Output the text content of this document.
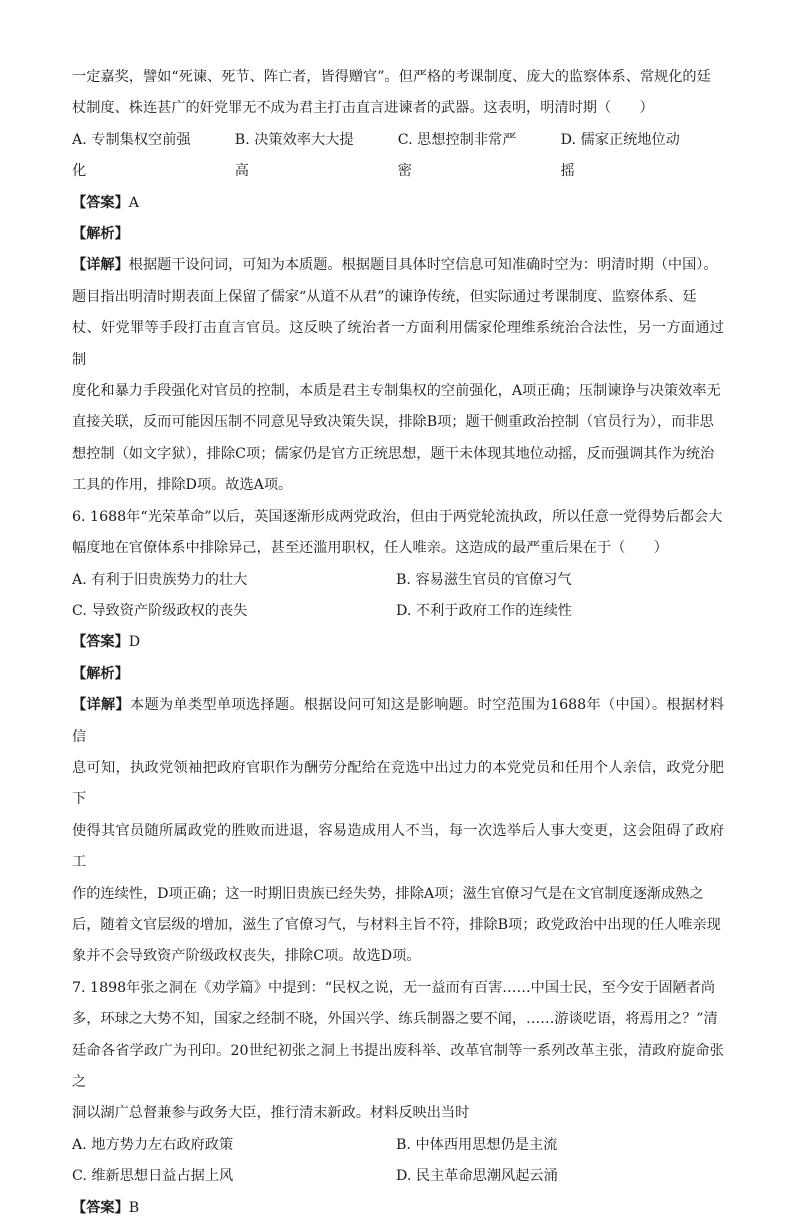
一定嘉奖，譬如“死谏、死节、阵亡者，皆得赠官”。但严格的考课制度、庞大的监察体系、常规化的廷

杖制度、株连甚广的奸党罪无不成为君主打击直言进谏者的武器。这表明，明清时期（　　）

A. 专制集权空前强化
B. 决策效率大大提高
C. 思想控制非常严密
D. 儒家正统地位动摇

【答案】A

【解析】

【详解】根据题干设问词，可知为本质题。根据题目具体时空信息可知准确时空为：明清时期（中国）。

题目指出明清时期表面上保留了儒家“从道不从君”的谏诤传统，但实际通过考课制度、监察体系、廷

杖、奸党罪等手段打击直言官员。这反映了统治者一方面利用儒家伦理维系统治合法性，另一方面通过制

度化和暴力手段强化对官员的控制，本质是君主专制集权的空前强化，A项正确；压制谏诤与决策效率无

直接关联，反而可能因压制不同意见导致决策失误，排除B项；题干侧重政治控制（官员行为），而非思

想控制（如文字狱），排除C项；儒家仍是官方正统思想，题干未体现其地位动摇，反而强调其作为统治

工具的作用，排除D项。故选A项。

6. 1688年“光荣革命”以后，英国逐渐形成两党政治，但由于两党轮流执政，所以任意一党得势后都会大

幅度地在官僚体系中排除异己，甚至还滥用职权，任人唯亲。这造成的最严重后果在于（　　）

A. 有利于旧贵族势力的壮大	B. 容易滋生官员的官僚习气
C. 导致资产阶级政权的丧失	D. 不利于政府工作的连续性

【答案】D

【解析】

【详解】本题为单类型单项选择题。根据设问可知这是影响题。时空范围为1688年（中国）。根据材料信

息可知，执政党领袖把政府官职作为酬劳分配给在竞选中出过力的本党党员和任用个人亲信，政党分肥下

使得其官员随所属政党的胜败而进退，容易造成用人不当，每一次选举后人事大变更，这会阻碍了政府工

作的连续性，D项正确；这一时期旧贵族已经失势，排除A项；滋生官僚习气是在文官制度逐渐成熟之

后，随着文官层级的增加，滋生了官僚习气，与材料主旨不符，排除B项；政党政治中出现的任人唯亲现

象并不会导致资产阶级政权丧失，排除C项。故选D项。

7. 1898年张之洞在《劝学篇》中提到：“民权之说，无一益而有百害……中国士民，至今安于固陋者尚

多，环球之大势不知，国家之经制不晓，外国兴学、练兵制器之要不闻，……游谈呓语，将焉用之？”清

廷命各省学政广为刊印。20世纪初张之洞上书提出废科举、改革官制等一系列改革主张，清政府旋命张之

洞以湖广总督兼参与政务大臣，推行清末新政。材料反映出当时

A. 地方势力左右政府政策	B. 中体西用思想仍是主流
C. 维新思想日益占据上风	D. 民主革命思潮风起云涌

【答案】B
